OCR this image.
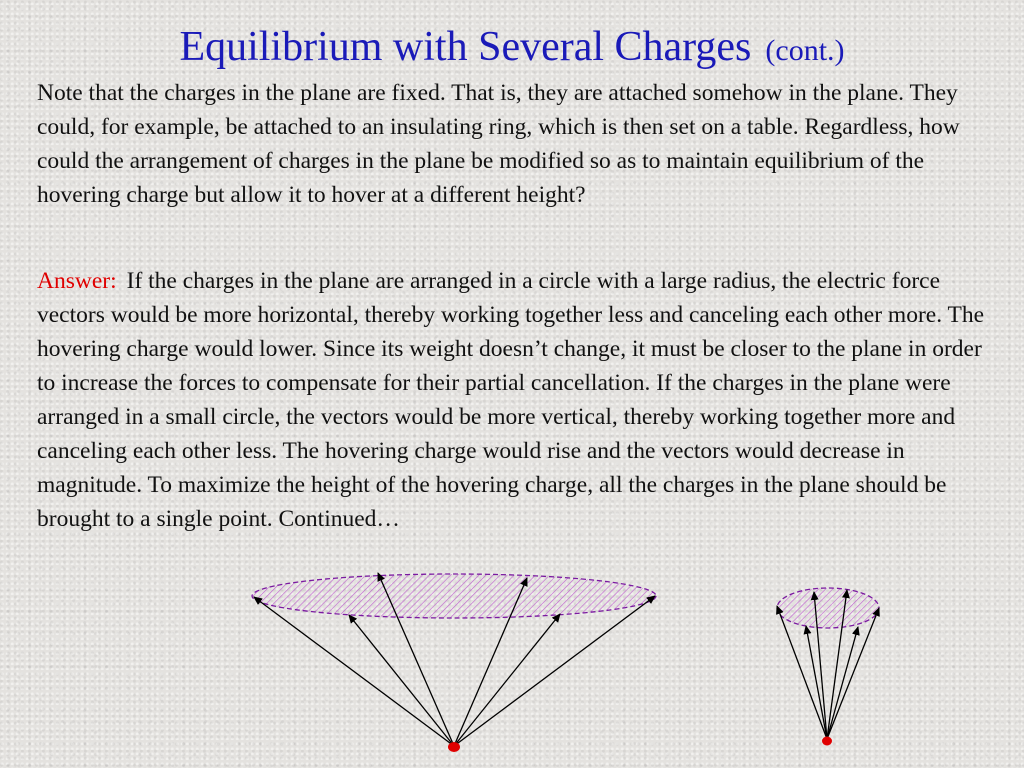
Equilibrium with Several Charges (cont.)

Note that the charges in the plane are fixed. That is, they are attached somehow in the plane. They could, for example, be attached to an insulating ring, which is then set on a table. Regardless, how could the arrangement of charges in the plane be modified so as to maintain equilibrium of the hovering charge but allow it to hover at a different height?

Answer: If the charges in the plane are arranged in a circle with a large radius, the electric force vectors would be more horizontal, thereby working together less and canceling each other more. The hovering charge would lower. Since its weight doesn’t change, it must be closer to the plane in order to increase the forces to compensate for their partial cancellation. If the charges in the plane were arranged in a small circle, the vectors would be more vertical, thereby working together more and canceling each other less. The hovering charge would rise and the vectors would decrease in magnitude. To maximize the height of the hovering charge, all the charges in the plane should be brought to a single point. Continued…
